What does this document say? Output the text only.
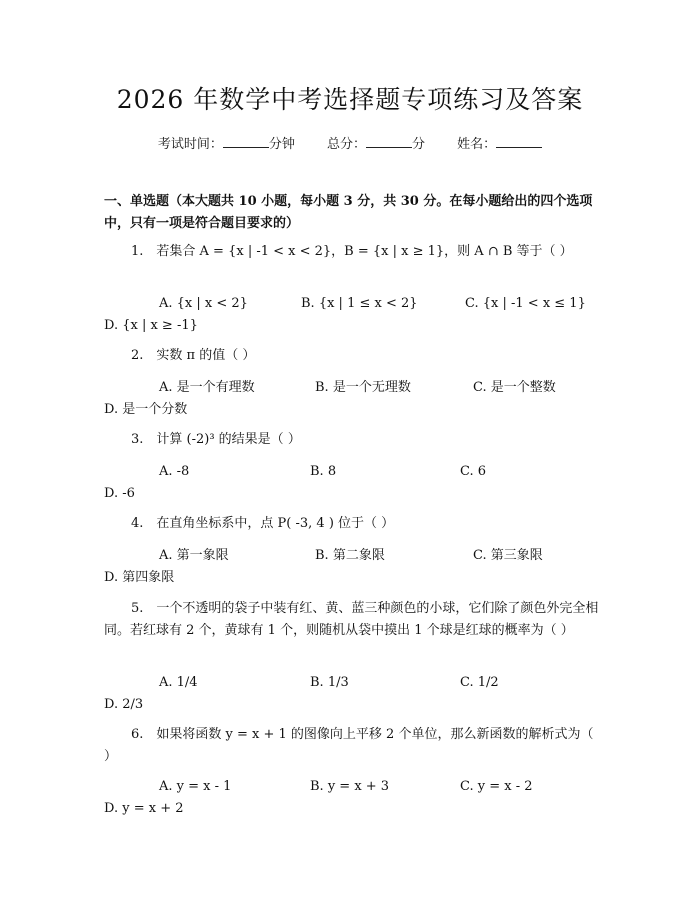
2026 年数学中考选择题专项练习及答案
考试时间：	分钟 总分：	分 姓名：
一、单选题（本大题共 10 小题，每小题 3 分，共 30 分。在每小题给出的四个选项中，只有一项是符合题目要求的）
1.　若集合 A = {x | -1 < x < 2}，B = {x | x ≥ 1}，则 A ∩ B 等于（ ）
A. {x | x < 2}	B. {x | 1 ≤ x < 2}	C. {x | -1 < x ≤ 1}
D. {x | x ≥ -1}
2.　实数 π 的值（ ）
A. 是一个有理数	B. 是一个无理数	C. 是一个整数
D. 是一个分数
3.　计算 (-2)³ 的结果是（ ）
A. -8	B. 8	C. 6
D. -6
4.　在直角坐标系中，点 P( -3, 4 ) 位于（ ）
A. 第一象限	B. 第二象限	C. 第三象限
D. 第四象限
5.　一个不透明的袋子中装有红、黄、蓝三种颜色的小球，它们除了颜色外完全相同。若红球有 2 个，黄球有 1 个，则随机从袋中摸出 1 个球是红球的概率为（ ）
A. 1/4	B. 1/3	C. 1/2
D. 2/3
6.　如果将函数 y = x + 1 的图像向上平移 2 个单位，那么新函数的解析式为（ ）
A. y = x - 1	B. y = x + 3	C. y = x - 2
D. y = x + 2
